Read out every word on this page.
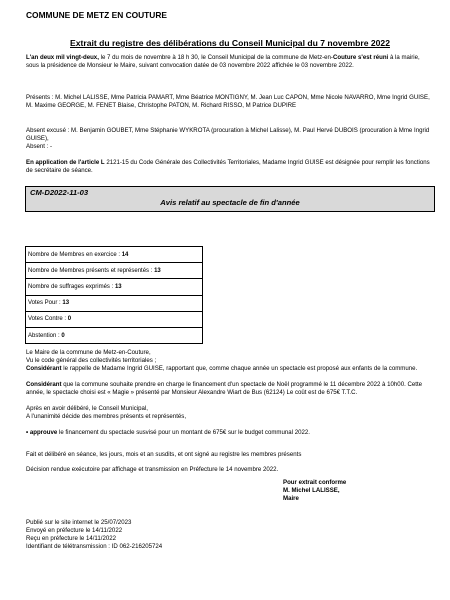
COMMUNE DE METZ EN COUTURE
Extrait du registre des délibérations du Conseil Municipal du 7 novembre 2022

L'an deux mil vingt-deux, le 7 du mois de novembre à 18 h 30, le Conseil Municipal de la commune de Metz-en-Couture s'est réuni à la mairie, sous la présidence de Monsieur le Maire, suivant convocation datée de 03 novembre 2022 affichée le 03 novembre 2022.

Présents : M. Michel LALISSE, Mme Patricia PAMART, Mme Béatrice MONTIGNY, M. Jean Luc CAPON, Mme Nicole NAVARRO, Mme Ingrid GUISE, M. Maxime GEORGE, M. FENET Blaise, Christophe PATON, M. Richard RISSO, M Patrice DUPIRE

Absent excusé : M. Benjamin GOUBET, Mme Stéphanie WYKROTA (procuration à Michel Lalisse), M. Paul Hervé DUBOIS (procuration à Mme Ingrid GUISE),

Absent : -

En application de l'article L 2121-15 du Code Générale des Collectivités Territoriales, Madame Ingrid GUISE est désignée pour remplir les fonctions de secrétaire de séance.

CM-D2022-11-03
Avis relatif au spectacle de fin d'année
Nombre de Membres en exercice : 14
Nombre de Membres présents et représentés : 13
Nombre de suffrages exprimés : 13
Votes Pour : 13
Votes Contre : 0
Abstention : 0

Le Maire de la commune de Metz-en-Couture,

Vu le code général des collectivités territoriales ;

Considérant le rappelle de Madame Ingrid GUISE, rapportant que, comme chaque année un spectacle est proposé aux enfants de la commune.

Considérant que la commune souhaite prendre en charge le financement d'un spectacle de Noël programmé le 11 décembre 2022 à 10h00. Cette année, le spectacle choisi est « Magie » présenté par Monsieur Alexandre Wiart de Bus (62124) Le coût est de 675€ T.T.C.

Après en avoir délibéré, le Conseil Municipal,

A l'unanimité décide des membres présents et représentés,

• approuve le financement du spectacle susvisé pour un montant de 675€ sur le budget communal 2022.

Fait et délibéré en séance, les jours, mois et an susdits, et ont signé au registre les membres présents

Décision rendue exécutoire par affichage et transmission en Préfecture le 14 novembre 2022.

Pour extrait conforme
M. Michel LALISSE,
Maire
Publié sur le site internet le 25/07/2023
Envoyé en préfecture le 14/11/2022
Reçu en préfecture le 14/11/2022
Identifiant de télétransmission : ID 062-216205724
